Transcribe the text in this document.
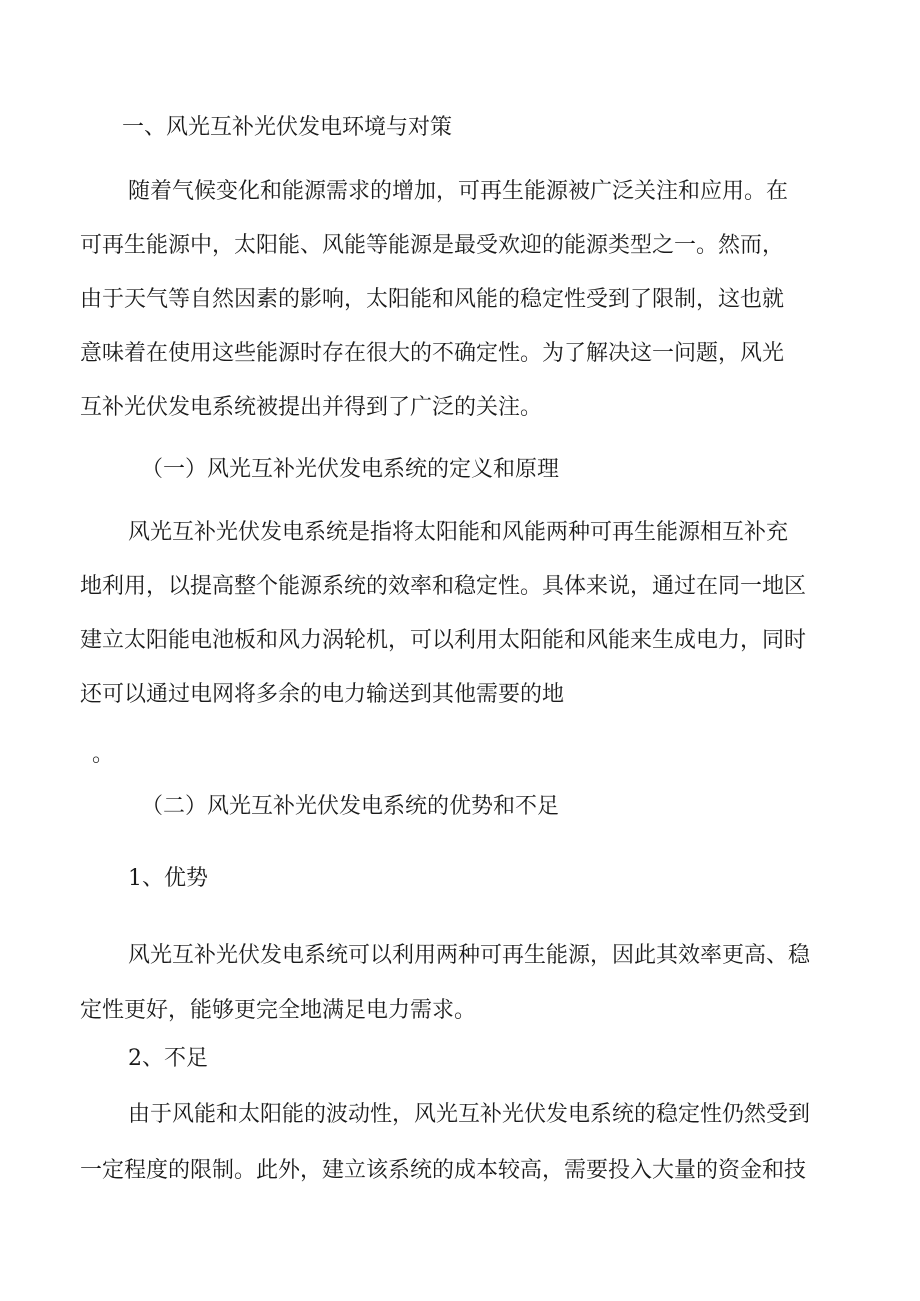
一、风光互补光伏发电环境与对策
随着气候变化和能源需求的增加，可再生能源被广泛关注和应用。在
可再生能源中，太阳能、风能等能源是最受欢迎的能源类型之一。然而，
由于天气等自然因素的影响，太阳能和风能的稳定性受到了限制，这也就
意味着在使用这些能源时存在很大的不确定性。为了解决这一问题，风光
互补光伏发电系统被提出并得到了广泛的关注。
（一）风光互补光伏发电系统的定义和原理
风光互补光伏发电系统是指将太阳能和风能两种可再生能源相互补充
地利用，以提高整个能源系统的效率和稳定性。具体来说，通过在同一地区
建立太阳能电池板和风力涡轮机，可以利用太阳能和风能来生成电力，同时
还可以通过电网将多余的电力输送到其他需要的地
。
（二）风光互补光伏发电系统的优势和不足
1、优势
风光互补光伏发电系统可以利用两种可再生能源，因此其效率更高、稳
定性更好，能够更完全地满足电力需求。
2、不足
由于风能和太阳能的波动性，风光互补光伏发电系统的稳定性仍然受到
一定程度的限制。此外，建立该系统的成本较高，需要投入大量的资金和技
